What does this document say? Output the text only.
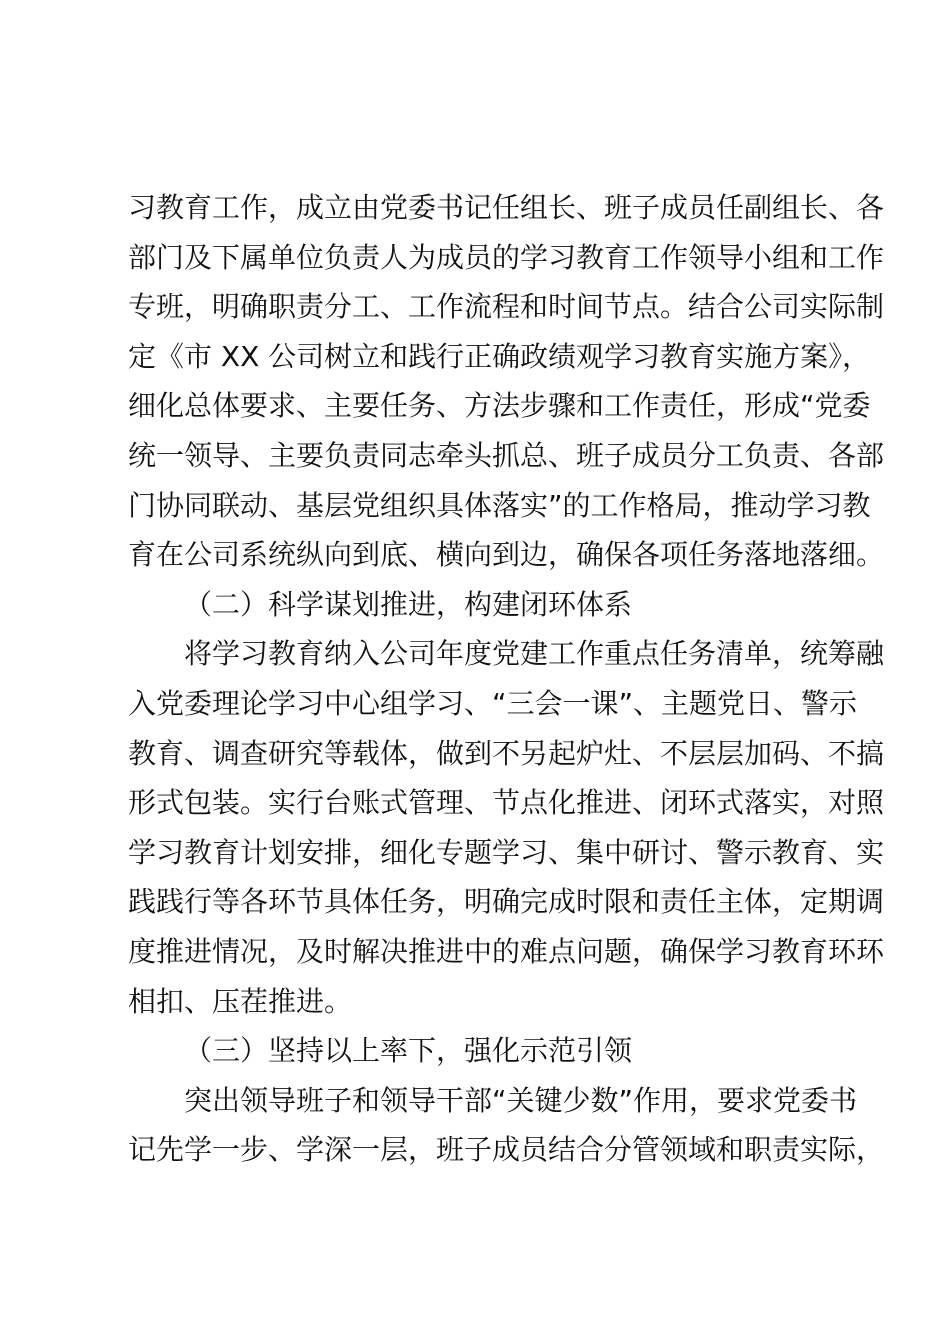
习教育工作，成立由党委书记任组长、班子成员任副组长、各
部门及下属单位负责人为成员的学习教育工作领导小组和工作
专班，明确职责分工、工作流程和时间节点。结合公司实际制
定《市 XX 公司树立和践行正确政绩观学习教育实施方案》，
细化总体要求、主要任务、方法步骤和工作责任，形成“党委
统一领导、主要负责同志牵头抓总、班子成员分工负责、各部
门协同联动、基层党组织具体落实”的工作格局，推动学习教
育在公司系统纵向到底、横向到边，确保各项任务落地落细。
（二）科学谋划推进，构建闭环体系
将学习教育纳入公司年度党建工作重点任务清单，统筹融
入党委理论学习中心组学习、“三会一课”、主题党日、警示
教育、调查研究等载体，做到不另起炉灶、不层层加码、不搞
形式包装。实行台账式管理、节点化推进、闭环式落实，对照
学习教育计划安排，细化专题学习、集中研讨、警示教育、实
践践行等各环节具体任务，明确完成时限和责任主体，定期调
度推进情况，及时解决推进中的难点问题，确保学习教育环环
相扣、压茬推进。
（三）坚持以上率下，强化示范引领
突出领导班子和领导干部“关键少数”作用，要求党委书
记先学一步、学深一层，班子成员结合分管领域和职责实际，
